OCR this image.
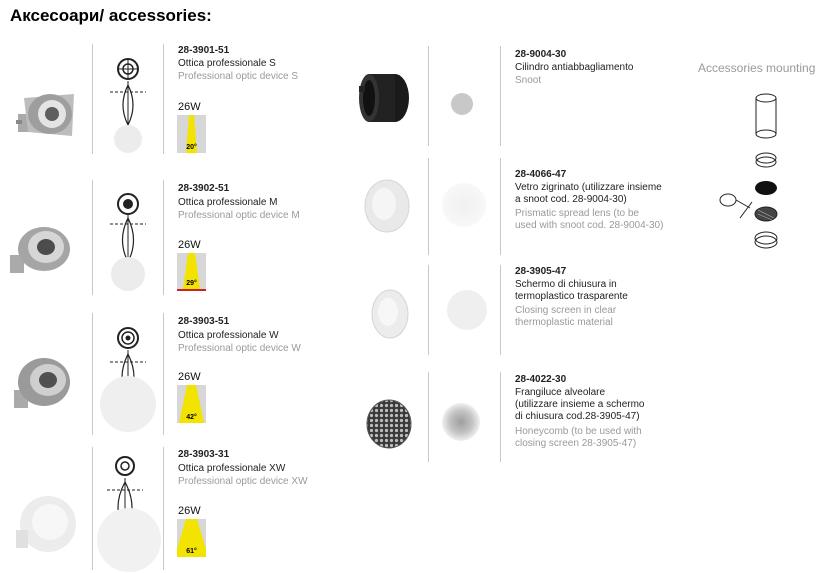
Аксесоари/ accessories:
28-3901-51
Ottica professionale S
Professional optic device S
26W
20°
28-3902-51
Ottica professionale M
Professional optic device M
26W
29°
28-3903-51
Ottica professionale W
Professional optic device W
26W
42°
28-3903-31
Ottica professionale XW
Professional optic device XW
26W
61°
28-9004-30
Cilindro antiabbagliamento
Snoot
28-4066-47
Vetro zigrinato (utilizzare insieme
a snoot cod. 28-9004-30)
Prismatic spread lens (to be
used with snoot cod. 28-9004-30)
28-3905-47
Schermo di chiusura in
termoplastico trasparente
Closing screen in clear
thermoplastic material
28-4022-30
Frangiluce alveolare
(utilizzare insieme a schermo
di chiusura cod.28-3905-47)
Honeycomb (to be used with
closing screen 28-3905-47)
Accessories mounting
